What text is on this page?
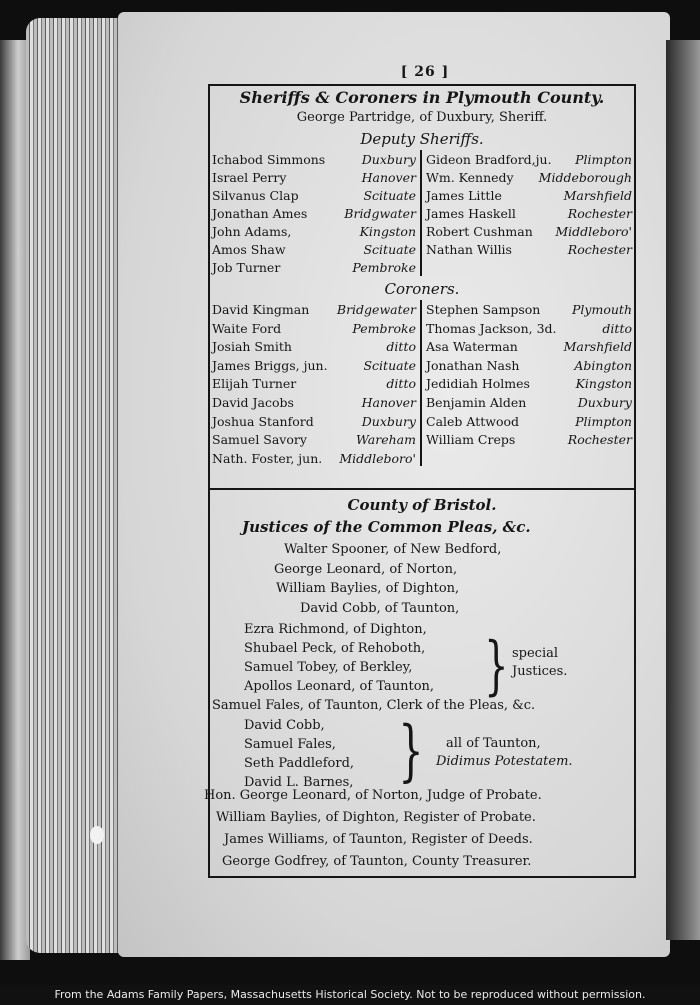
[ 26 ]
Sheriffs & Coroners in Plymouth County.
George Partridge, of Duxbury, Sheriff.
Deputy Sheriffs.
Ichabod Simmons	Duxbury
Israel Perry	Hanover
Silvanus Clap	Scituate
Jonathan Ames	Bridgwater
John Adams,	Kingston
Amos Shaw	Scituate
Job Turner	Pembroke
Gideon Bradford,ju. Plimpton
Wm. Kennedy Middeborough
James Little	Marshfield
James Haskell	Rochester
Robert Cushman Middleboro'
Nathan Willis	Rochester
Coroners.
David Kingman Bridgewater
Waite Ford	Pembroke
Josiah Smith	ditto
James Briggs, jun.	Scituate
Elijah Turner	ditto
David Jacobs	Hanover
Joshua Stanford	Duxbury
Samuel Savory	Wareham
Nath. Foster, jun. Middleboro'
Stephen Sampson	Plymouth
Thomas Jackson, 3d.	ditto
Asa Waterman	Marshfield
Jonathan Nash	Abington
Jedidiah Holmes	Kingston
Benjamin Alden	Duxbury
Caleb Attwood	Plimpton
William Creps	Rochester
County of Bristol.
Justices of the Common Pleas, &c.
Walter Spooner, of New Bedford,
George Leonard, of Norton,
William Baylies, of Dighton,
David Cobb, of Taunton,
Ezra Richmond, of Dighton,
Shubael Peck, of Rehoboth,
Samuel Tobey, of Berkley,
Apollos Leonard, of Taunton, } special
Justices.
Samuel Fales, of Taunton, Clerk of the Pleas, &c.
David Cobb,
Samuel Fales,
Seth Paddleford,
David L. Barnes, } all of Taunton,
Didimus Potestatem.
Hon. George Leonard, of Norton, Judge of Probate.
William Baylies, of Dighton, Register of Probate.
James Williams, of Taunton, Register of Deeds.
George Godfrey, of Taunton, County Treasurer.
From the Adams Family Papers, Massachusetts Historical Society. Not to be reproduced without permission.
